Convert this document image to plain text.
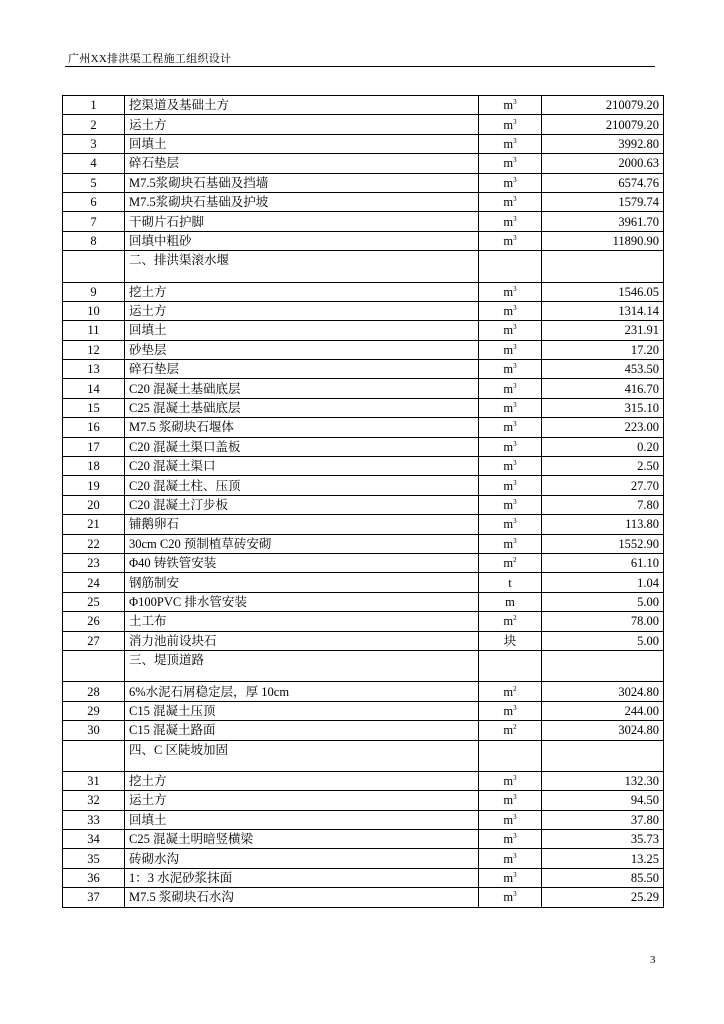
广州XX排洪渠工程施工组织设计
1	挖渠道及基础土方	$m^3$	210079.20
2	运土方	$m^3$	210079.20
3	回填土	$m^3$	3992.80
4	碎石垫层	$m^3$	2000.63
5	M7.5浆砌块石基础及挡墙	$m^3$	6574.76
6	M7.5浆砌块石基础及护坡	$m^3$	1579.74
7	干砌片石护脚	$m^3$	3961.70
8	回填中粗砂	$m^3$	11890.90
	二、排洪渠滚水堰		
9	挖土方	$m^3$	1546.05
10	运土方	$m^3$	1314.14
11	回填土	$m^3$	231.91
12	砂垫层	$m^3$	17.20
13	碎石垫层	$m^3$	453.50
14	C20 混凝土基础底层	$m^3$	416.70
15	C25 混凝土基础底层	$m^3$	315.10
16	M7.5 浆砌块石堰体	$m^3$	223.00
17	C20 混凝土渠口盖板	$m^3$	0.20
18	C20 混凝土渠口	$m^3$	2.50
19	C20 混凝土柱、压顶	$m^3$	27.70
20	C20 混凝土汀步板	$m^3$	7.80
21	铺鹅卵石	$m^3$	113.80
22	30cm C20 预制植草砖安砌	$m^3$	1552.90
23	Φ40 铸铁管安装	$m^2$	61.10
24	钢筋制安	t	1.04
25	Φ100PVC 排水管安装	m	5.00
26	土工布	$m^2$	78.00
27	消力池前设块石	块	5.00
	三、堤顶道路		
28	6%水泥石屑稳定层，厚 10cm	$m^2$	3024.80
29	C15 混凝土压顶	$m^3$	244.00
30	C15 混凝土路面	$m^2$	3024.80
	四、C 区陡坡加固		
31	挖土方	$m^3$	132.30
32	运土方	$m^3$	94.50
33	回填土	$m^3$	37.80
34	C25 混凝土明暗竖横梁	$m^3$	35.73
35	砖砌水沟	$m^3$	13.25
36	1：3 水泥砂浆抹面	$m^3$	85.50
37	M7.5 浆砌块石水沟	$m^3$	25.29
3
